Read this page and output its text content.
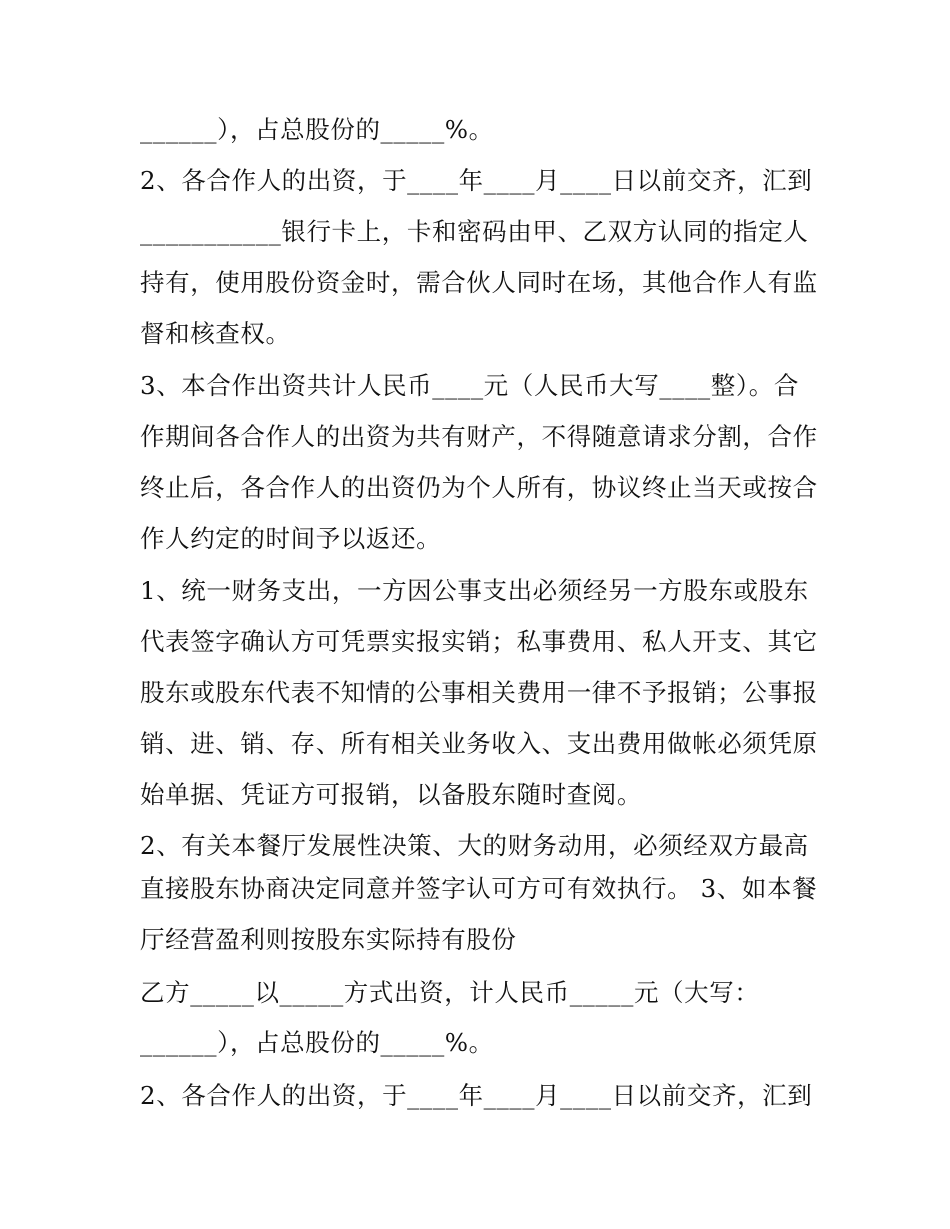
______），占总股份的_____%。
2、各合作人的出资，于____年____月____日以前交齐，汇到
___________银行卡上，卡和密码由甲、乙双方认同的指定人
持有，使用股份资金时，需合伙人同时在场，其他合作人有监
督和核查权。
3、本合作出资共计人民币____元（人民币大写____整）。合
作期间各合作人的出资为共有财产，不得随意请求分割，合作
终止后，各合作人的出资仍为个人所有，协议终止当天或按合
作人约定的时间予以返还。
1、统一财务支出，一方因公事支出必须经另一方股东或股东
代表签字确认方可凭票实报实销；私事费用、私人开支、其它
股东或股东代表不知情的公事相关费用一律不予报销；公事报
销、进、销、存、所有相关业务收入、支出费用做帐必须凭原
始单据、凭证方可报销，以备股东随时查阅。
2、有关本餐厅发展性决策、大的财务动用，必须经双方最高
直接股东协商决定同意并签字认可方可有效执行。 3、如本餐
厅经营盈利则按股东实际持有股份
乙方_____以_____方式出资，计人民币_____元（大写：
______），占总股份的_____%。
2、各合作人的出资，于____年____月____日以前交齐，汇到
